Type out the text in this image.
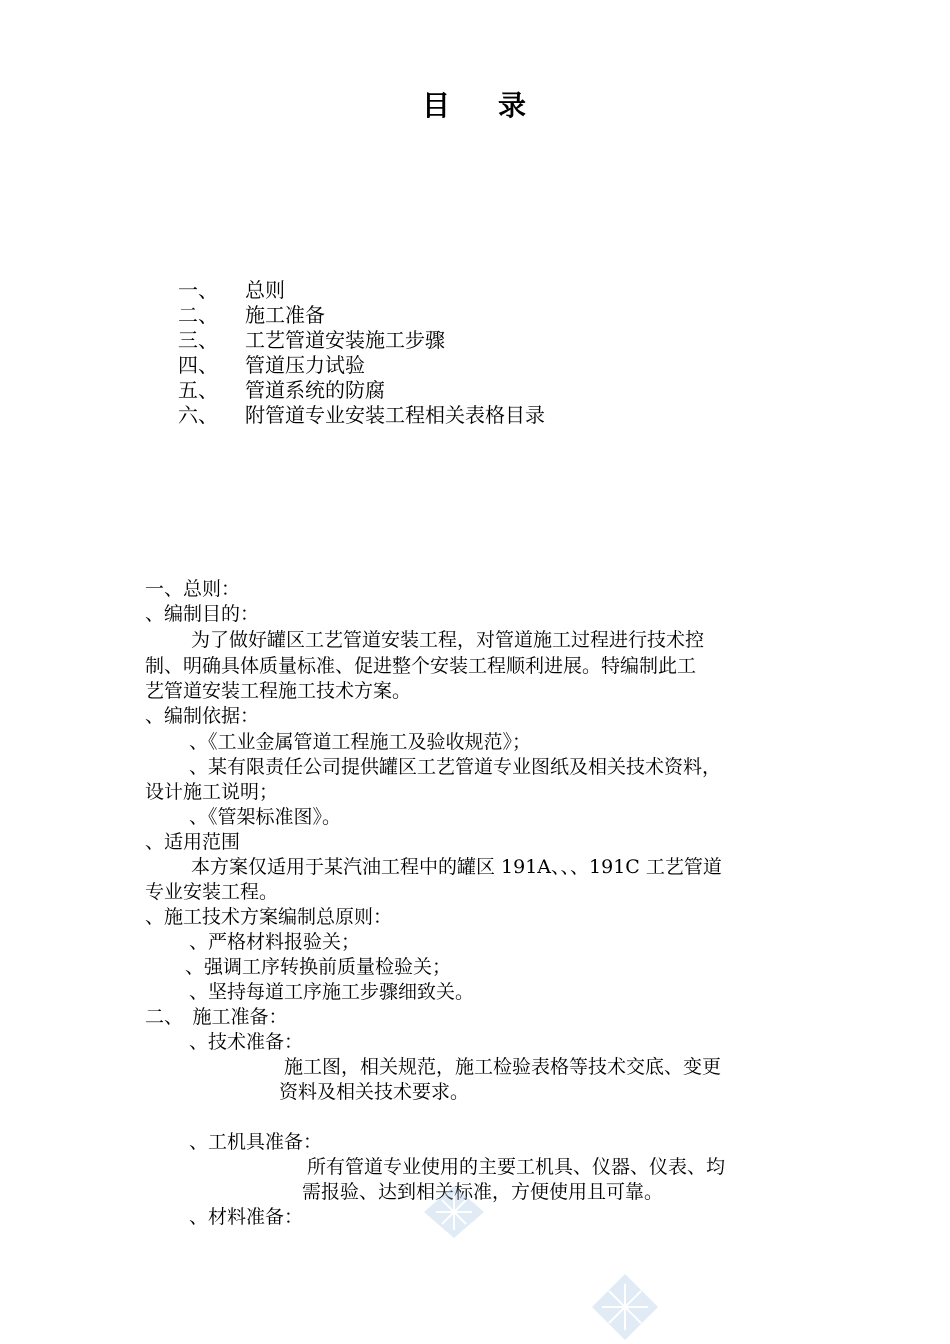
目 录
一、 总则
二、 施工准备
三、 工艺管道安装施工步骤
四、 管道压力试验
五、 管道系统的防腐
六、 附管道专业安装工程相关表格目录
一、总则：
、编制目的：
为了做好罐区工艺管道安装工程，对管道施工过程进行技术控
制、明确具体质量标准、促进整个安装工程顺利进展。特编制此工
艺管道安装工程施工技术方案。
、编制依据：
、《工业金属管道工程施工及验收规范》；
、某有限责任公司提供罐区工艺管道专业图纸及相关技术资料，
设计施工说明；
、《管架标准图》。
、适用范围
本方案仅适用于某汽油工程中的罐区 191A、、、191C 工艺管道
专业安装工程。
、施工技术方案编制总原则：
、严格材料报验关；
、强调工序转换前质量检验关；
、坚持每道工序施工步骤细致关。
二、　施工准备：
、技术准备：
施工图，相关规范，施工检验表格等技术交底、变更
资料及相关技术要求。
、工机具准备：
所有管道专业使用的主要工机具、仪器、仪表、均
需报验、达到相关标准，方便使用且可靠。
、材料准备：
